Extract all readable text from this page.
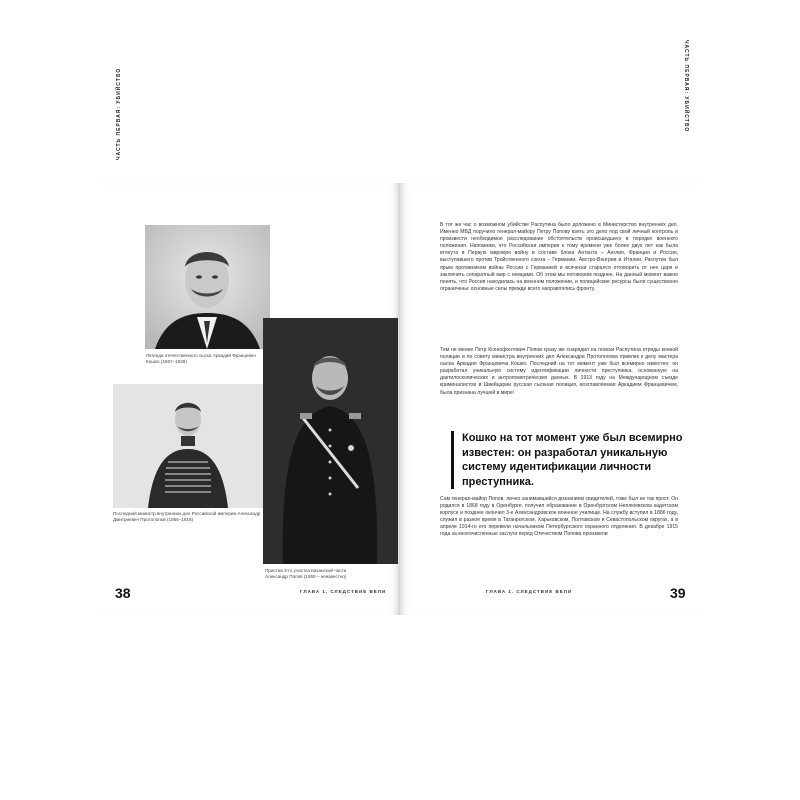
ЧАСТЬ ПЕРВАЯ: УБИЙСТВО
Легенда отечественного сыска Аркадий Францевич Кошко (1867–1928)
Последний министр внутренних дел Российской империи Александр Дмитриевич Протопопов (1866–1918)
Пристав 3-го участка Казанской части Александр Попов (1855 – неизвестно)
38	ГЛАВА 1. СЛЕДСТВИЕ ВЕЛИ
ЧАСТЬ ПЕРВАЯ: УБИЙСТВО
В тот же час о возможном убийстве Распутина было доложено в Министерство внутренних дел. Именно МВД поручило генерал-майору Петру Попову взять это дело под свой личный контроль и произвести необходимое расследование обстоятельств происшедшего в порядке военного положения. Напомним, что Российская империя к тому времени уже более двух лет как была втянута в Первую мировую войну в составе блока Антанта – Англия, Франция и Россия, выступавшего против Тройственного союза – Германии, Австро-Венгрии и Италии. Распутин был ярым противником войны России с Германией и всячески старался отговорить от нее царя и заключить сепаратный мир с немцами. Об этом мы поговорим позднее. На данный момент важно понять, что Россия находилась на военном положении, и полицейские ресурсы были существенно ограничены: основные силы прежде всего направлялись фронту.
Тем не менее Петр Ксенофонтович Попов сразу же снарядил на поиски Распутина отряды конной полиции и по совету министра внутренних дел Александра Протопопова привлек к делу мастера сыска Аркадия Францевича Кошко. Последний на тот момент уже был всемирно известен: он разработал уникальную систему идентификации личности преступника, основанную на дактилоскопических и антропометрических данных. В 1913 году на Международном съезде криминалистов в Швейцарии русская сыскная полиция, возглавляемая Аркадием Францевичем, была признана лучшей в мире!
Кошко на тот момент уже был всемирно известен: он разработал уникальную систему идентификации личности преступника.
Сам генерал-майор Попов, лично занимавшийся дознанием свидетелей, тоже был не так прост. Он родился в 1868 году в Оренбурге, получил образование в Оренбургском Неплюевском кадетском корпусе и позднее окончил 3-е Александровское военное училище. На службу вступил в 1886 году, служил в разное время в Таганрогском, Харьковском, Полтавском и Севастопольском округах, а в апреле 1914-го его перевели начальником Петербургского охранного отделения. В декабре 1915 года за многочисленные заслуги перед Отечеством Попова произвели
ГЛАВА 1. СЛЕДСТВИЕ ВЕЛИ	39
